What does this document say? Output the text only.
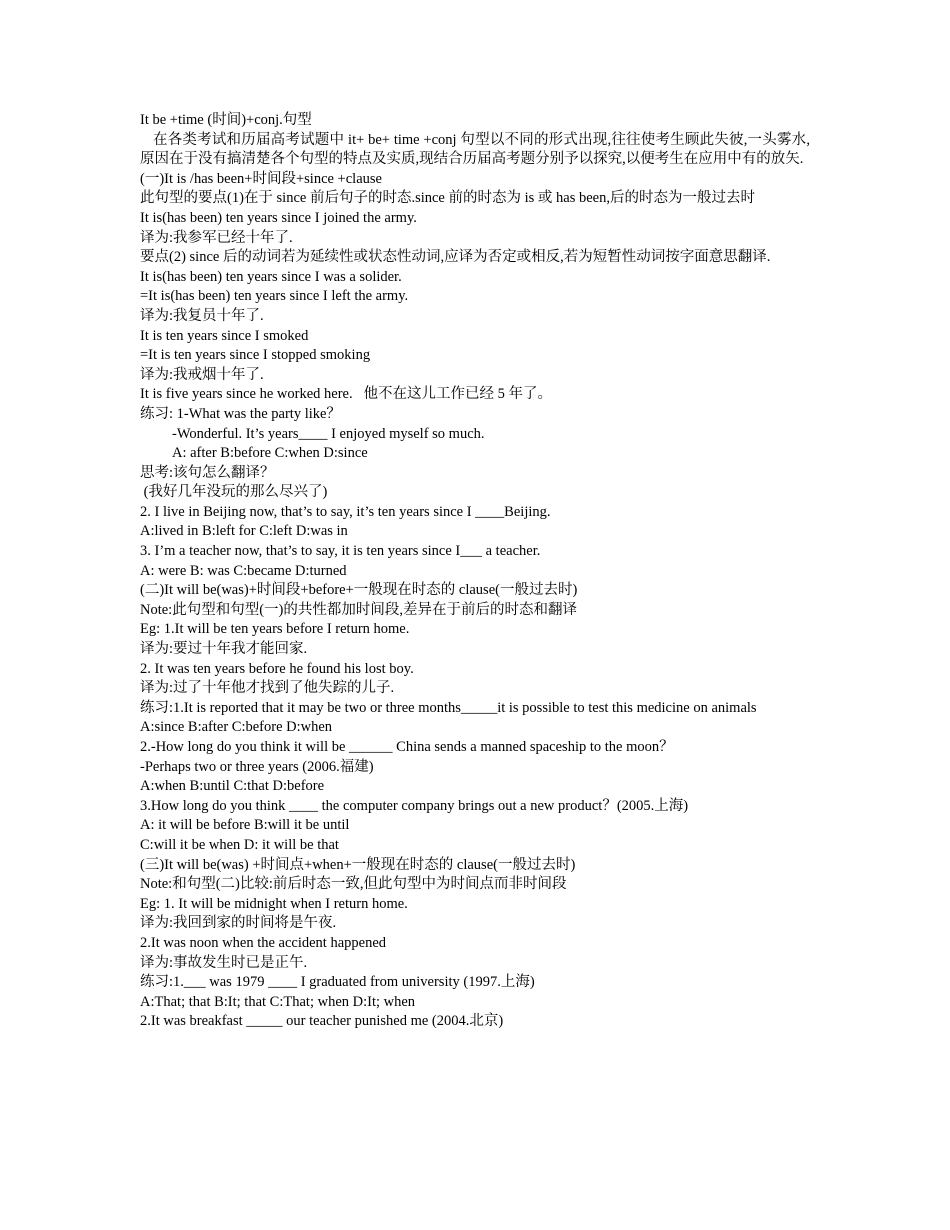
It be +time (时间)+conj.句型

在各类考试和历届高考试题中 it+ be+ time +conj 句型以不同的形式出现,往往使考生顾此失彼,一头雾水,原因在于没有搞清楚各个句型的特点及实质,现结合历届高考题分别予以探究,以便考生在应用中有的放矢.

(一)It is /has been+时间段+since +clause

此句型的要点(1)在于 since 前后句子的时态.since 前的时态为 is 或 has been,后的时态为一般过去时

It is(has been) ten years since I joined the army.

译为:我参军已经十年了.

要点(2) since 后的动词若为延续性或状态性动词,应译为否定或相反,若为短暂性动词按字面意思翻译.

It is(has been) ten years since I was a solider.

=It is(has been) ten years since I left the army.

译为:我复员十年了.

It is ten years since I smoked

=It is ten years since I stopped smoking

译为:我戒烟十年了.

It is five years since he worked here.   他不在这儿工作已经 5 年了。

练习: 1-What was the party like？

-Wonderful. It’s years____ I enjoyed myself so much.

A: after B:before C:when D:since

思考:该句怎么翻译？

(我好几年没玩的那么尽兴了)

2. I live in Beijing now, that’s to say, it’s ten years since I ____Beijing.

A:lived in B:left for C:left D:was in

3. I’m a teacher now, that’s to say, it is ten years since I___ a teacher.

A: were B: was C:became D:turned

(二)It will be(was)+时间段+before+一般现在时态的 clause(一般过去时)

Note:此句型和句型(一)的共性都加时间段,差异在于前后的时态和翻译

Eg: 1.It will be ten years before I return home.

译为:要过十年我才能回家.

2. It was ten years before he found his lost boy.

译为:过了十年他才找到了他失踪的儿子.

练习:1.It is reported that it may be two or three months_____it is possible to test this medicine on animals

A:since B:after C:before D:when

2.-How long do you think it will be ______ China sends a manned spaceship to the moon？

-Perhaps two or three years (2006.福建)

A:when B:until C:that D:before

3.How long do you think ____ the computer company brings out a new product？(2005.上海)

A: it will be before B:will it be until

C:will it be when D: it will be that

(三)It will be(was) +时间点+when+一般现在时态的 clause(一般过去时)

Note:和句型(二)比较:前后时态一致,但此句型中为时间点而非时间段

Eg: 1. It will be midnight when I return home.

译为:我回到家的时间将是午夜.

2.It was noon when the accident happened

译为:事故发生时已是正午.

练习:1.___ was 1979 ____ I graduated from university (1997.上海)

A:That; that B:It; that C:That; when D:It; when

2.It was breakfast _____ our teacher punished me (2004.北京)
